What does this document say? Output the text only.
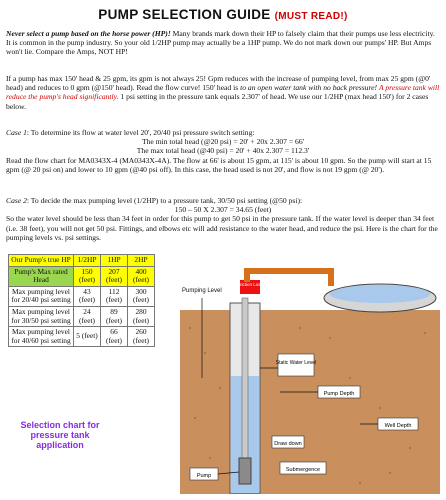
PUMP SELECTION GUIDE (MUST READ!)

Never select a pump based on the horse power (HP)! Many brands mark down their HP to falsely claim that their pumps use less electricity. It is common in the pump industry. So your old 1/2HP pump may actually be a 1HP pump. We do not mark down our pumps' HP. But Amps won't lie. Compare the Amps, NOT HP!

If a pump has max 150' head & 25 gpm, its gpm is not always 25! Gpm reduces with the increase of pumping level, from max 25 gpm (@0' head) and reduces to 0 gpm (@150' head). Read the flow curve! 150' head is to an open water tank with no back pressure! A pressure tank will reduce the pump's head significantly. 1 psi setting in the pressure tank equals 2.307' of head. We use our 1/2HP (max head 150') for 2 cases below.

Case 1: To determine its flow at water level 20', 20/40 psi pressure switch setting:

The min total head (@20 psi) = 20' + 20x 2.307 = 66'

The max total head (@40 psi) = 20' + 40x 2.307 = 112.3'

Read the flow chart for MA0343X-4 (MA0343X-4A). The flow at 66' is about 15 gpm, at 115' is about 10 gpm. So the pump will start at 15 gpm (@ 20 psi on) and lower to 10 gpm (@40 psi off). In this case, the head used is not 20', and flow is not 19 gpm (@ 20').

Case 2: To decide the max pumping level (1/2HP) to a pressure tank, 30/50 psi setting (@50 psi):

150 – 50 X 2.307 = 34.65 (feet)

So the water level should be less than 34 feet in order for this pump to get 50 psi in the pressure tank. If the water level is deeper than 34 feet (i.e. 38 feet), you will not get 50 psi. Fittings, and elbows etc will add resistance to the water head, and reduce the psi. Here is the chart for the pumping levels vs. psi settings.

Our Pump's true HP	1/2HP	1HP	2HP
Pump's Max rated Head	150 (feet)	207 (feet)	400 (feet)
Max pumping level for 20/40 psi setting	43 (feet)	112 (feet)	300 (feet)
Max pumping level for 30/50 psi setting	24 (feet)	89 (feet)	280 (feet)
Max pumping level for 40/60 psi setting	5 (feet)	66 (feet)	260 (feet)
Selection chart for pressure tank application
Friction Loss
Pumping Level
Static Water Level
Pump Depth
Well Depth
Draw down
Submergence
Pump
